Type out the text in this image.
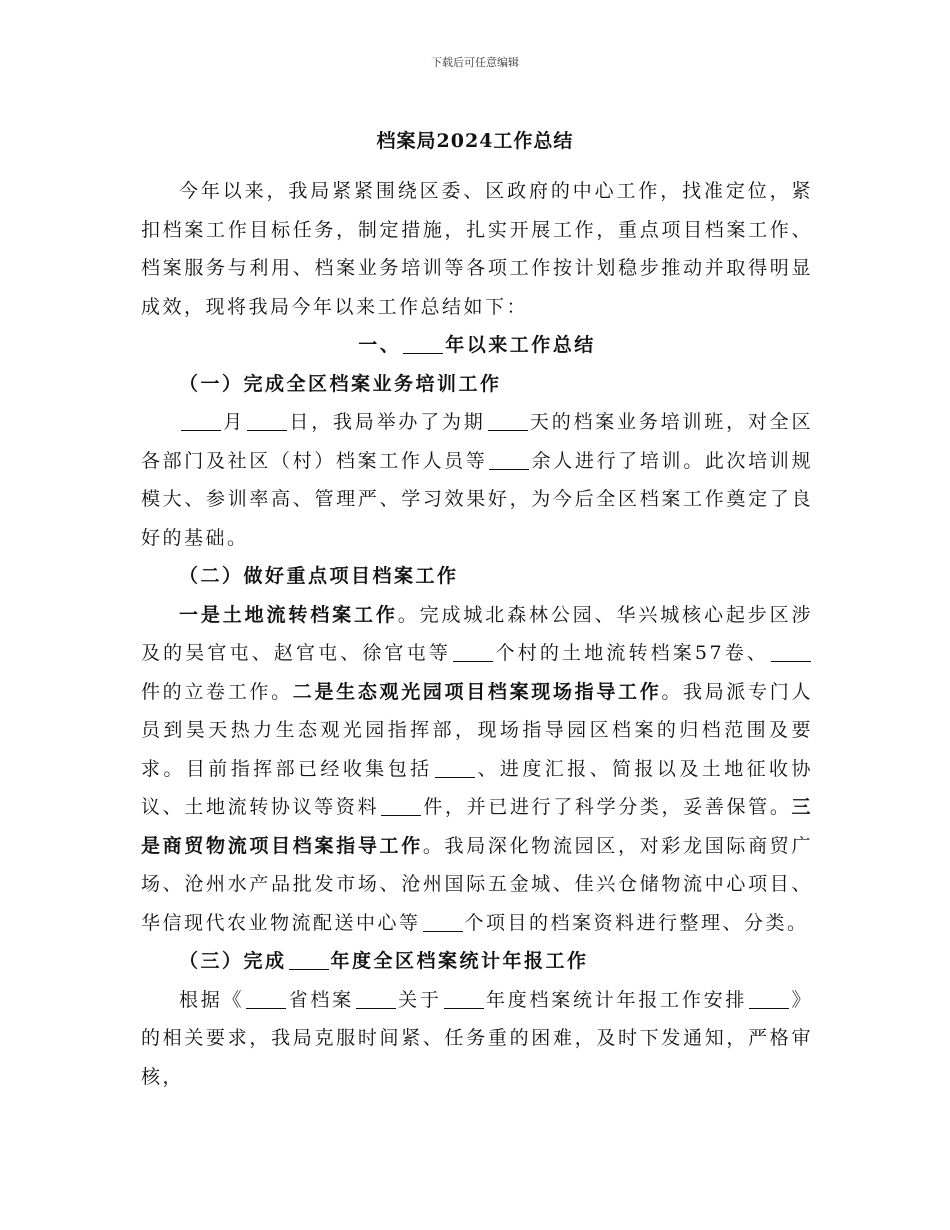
下载后可任意编辑
档案局2024工作总结

今年以来，我局紧紧围绕区委、区政府的中心工作，找准定位，紧扣档案工作目标任务，制定措施，扎实开展工作，重点项目档案工作、档案服务与利用、档案业务培训等各项工作按计划稳步推动并取得明显成效，现将我局今年以来工作总结如下：

一、 年以来工作总结

（一）完成全区档案业务培训工作

月 日，我局举办了为期 天的档案业务培训班，对全区各部门及社区（村）档案工作人员等 余人进行了培训。此次培训规模大、参训率高、管理严、学习效果好，为今后全区档案工作奠定了良好的基础。

（二）做好重点项目档案工作

一是土地流转档案工作。完成城北森林公园、华兴城核心起步区涉及的吴官屯、赵官屯、徐官屯等 个村的土地流转档案57卷、件的立卷工作。二是生态观光园项目档案现场指导工作。我局派专门人员到昊天热力生态观光园指挥部，现场指导园区档案的归档范围及要求。目前指挥部已经收集包括 、进度汇报、简报以及土地征收协议、土地流转协议等资料 件，并已进行了科学分类，妥善保管。三是商贸物流项目档案指导工作。我局深化物流园区，对彩龙国际商贸广场、沧州水产品批发市场、沧州国际五金城、佳兴仓储物流中心项目、华信现代农业物流配送中心等 个项目的档案资料进行整理、分类。

（三）完成 年度全区档案统计年报工作

根据《 省档案 关于 年度档案统计年报工作安排 》的相关要求，我局克服时间紧、任务重的困难，及时下发通知，严格审核，
